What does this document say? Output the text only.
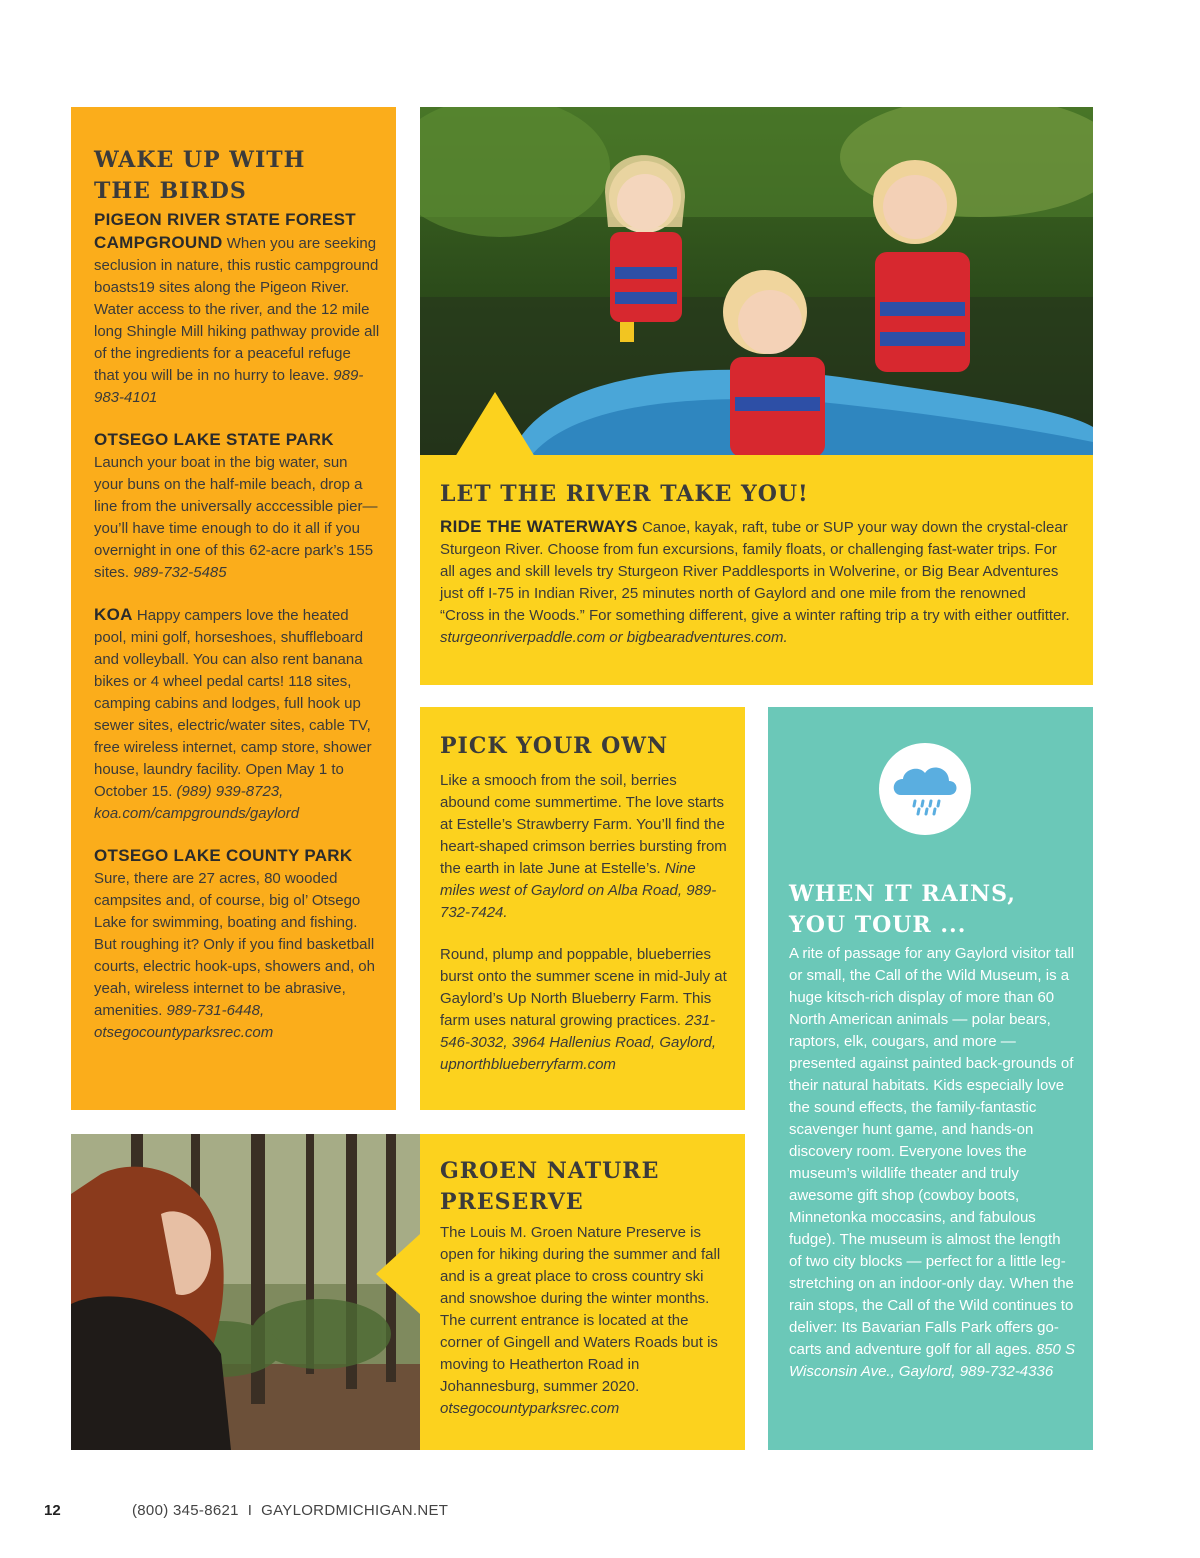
WAKE UP WITH
THE BIRDS

PIGEON RIVER STATE FOREST CAMPGROUND When you are seeking seclusion in nature, this rustic campground boasts19 sites along the Pigeon River. Water access to the river, and the 12 mile long Shingle Mill hiking pathway provide all of the ingredients for a peaceful refuge that you will be in no hurry to leave. 989-983-4101

OTSEGO LAKE STATE PARK Launch your boat in the big water, sun your buns on the half-mile beach, drop a line from the universally acccessible pier—you’ll have time enough to do it all if you overnight in one of this 62-acre park’s 155 sites. 989-732-5485

KOA Happy campers love the heated pool, mini golf, horseshoes, shuffleboard and volleyball. You can also rent banana bikes or 4 wheel pedal carts! 118 sites, camping cabins and lodges, full hook up sewer sites, electric/water sites, cable TV, free wireless internet, camp store, shower house, laundry facility. Open May 1 to October 15. (989) 939-8723, koa.com/campgrounds/gaylord

OTSEGO LAKE COUNTY PARK
Sure, there are 27 acres, 80 wooded campsites and, of course, big ol’ Otsego Lake for swimming, boating and fishing. But roughing it? Only if you find basketball courts, electric hook-ups, showers and, oh yeah, wireless internet to be abrasive, amenities. 989-731-6448, otsegocountyparksrec.com

LET THE RIVER TAKE YOU!

RIDE THE WATERWAYS Canoe, kayak, raft, tube or SUP your way down the crystal-clear Sturgeon River. Choose from fun excursions, family floats, or challenging fast-water trips. For all ages and skill levels try Sturgeon River Paddlesports in Wolverine, or Big Bear Adventures just off I-75 in Indian River, 25 minutes north of Gaylord and one mile from the renowned “Cross in the Woods.” For something different, give a winter rafting trip a try with either outfitter. sturgeonriverpaddle.com or bigbearadventures.com.

PICK YOUR OWN

Like a smooch from the soil, berries abound come summertime. The love starts at Estelle’s Strawberry Farm. You’ll find the heart-shaped crimson berries bursting from the earth in late June at Estelle’s. Nine miles west of Gaylord on Alba Road, 989-732-7424.

Round, plump and poppable, blueberries burst onto the summer scene in mid-July at Gaylord’s Up North Blueberry Farm. This farm uses natural growing practices. 231-546-3032, 3964 Hallenius Road, Gaylord, upnorthblueberryfarm.com

WHEN IT RAINS,
YOU TOUR ...

A rite of passage for any Gaylord visitor tall or small, the Call of the Wild Museum, is a huge kitsch-rich display of more than 60 North American animals — polar bears, raptors, elk, cougars, and more — presented against painted back-grounds of their natural habitats. Kids especially love the sound effects, the family-fantastic scavenger hunt game, and hands-on discovery room. Everyone loves the museum’s wildlife theater and truly awesome gift shop (cowboy boots, Minnetonka moccasins, and fabulous fudge). The museum is almost the length of two city blocks — perfect for a little leg-stretching on an indoor-only day. When the rain stops, the Call of the Wild continues to deliver: Its Bavarian Falls Park offers go-carts and adventure golf for all ages. 850 S Wisconsin Ave., Gaylord, 989-732-4336

GROEN NATURE
PRESERVE

The Louis M. Groen Nature Preserve is open for hiking during the summer and fall and is a great place to cross country ski and snowshoe during the winter months. The current entrance is located at the corner of Gingell and Waters Roads but is moving to Heatherton Road in Johannesburg, summer 2020. otsegocountyparksrec.com

12	(800) 345-8621  I  GAYLORDMICHIGAN.NET
